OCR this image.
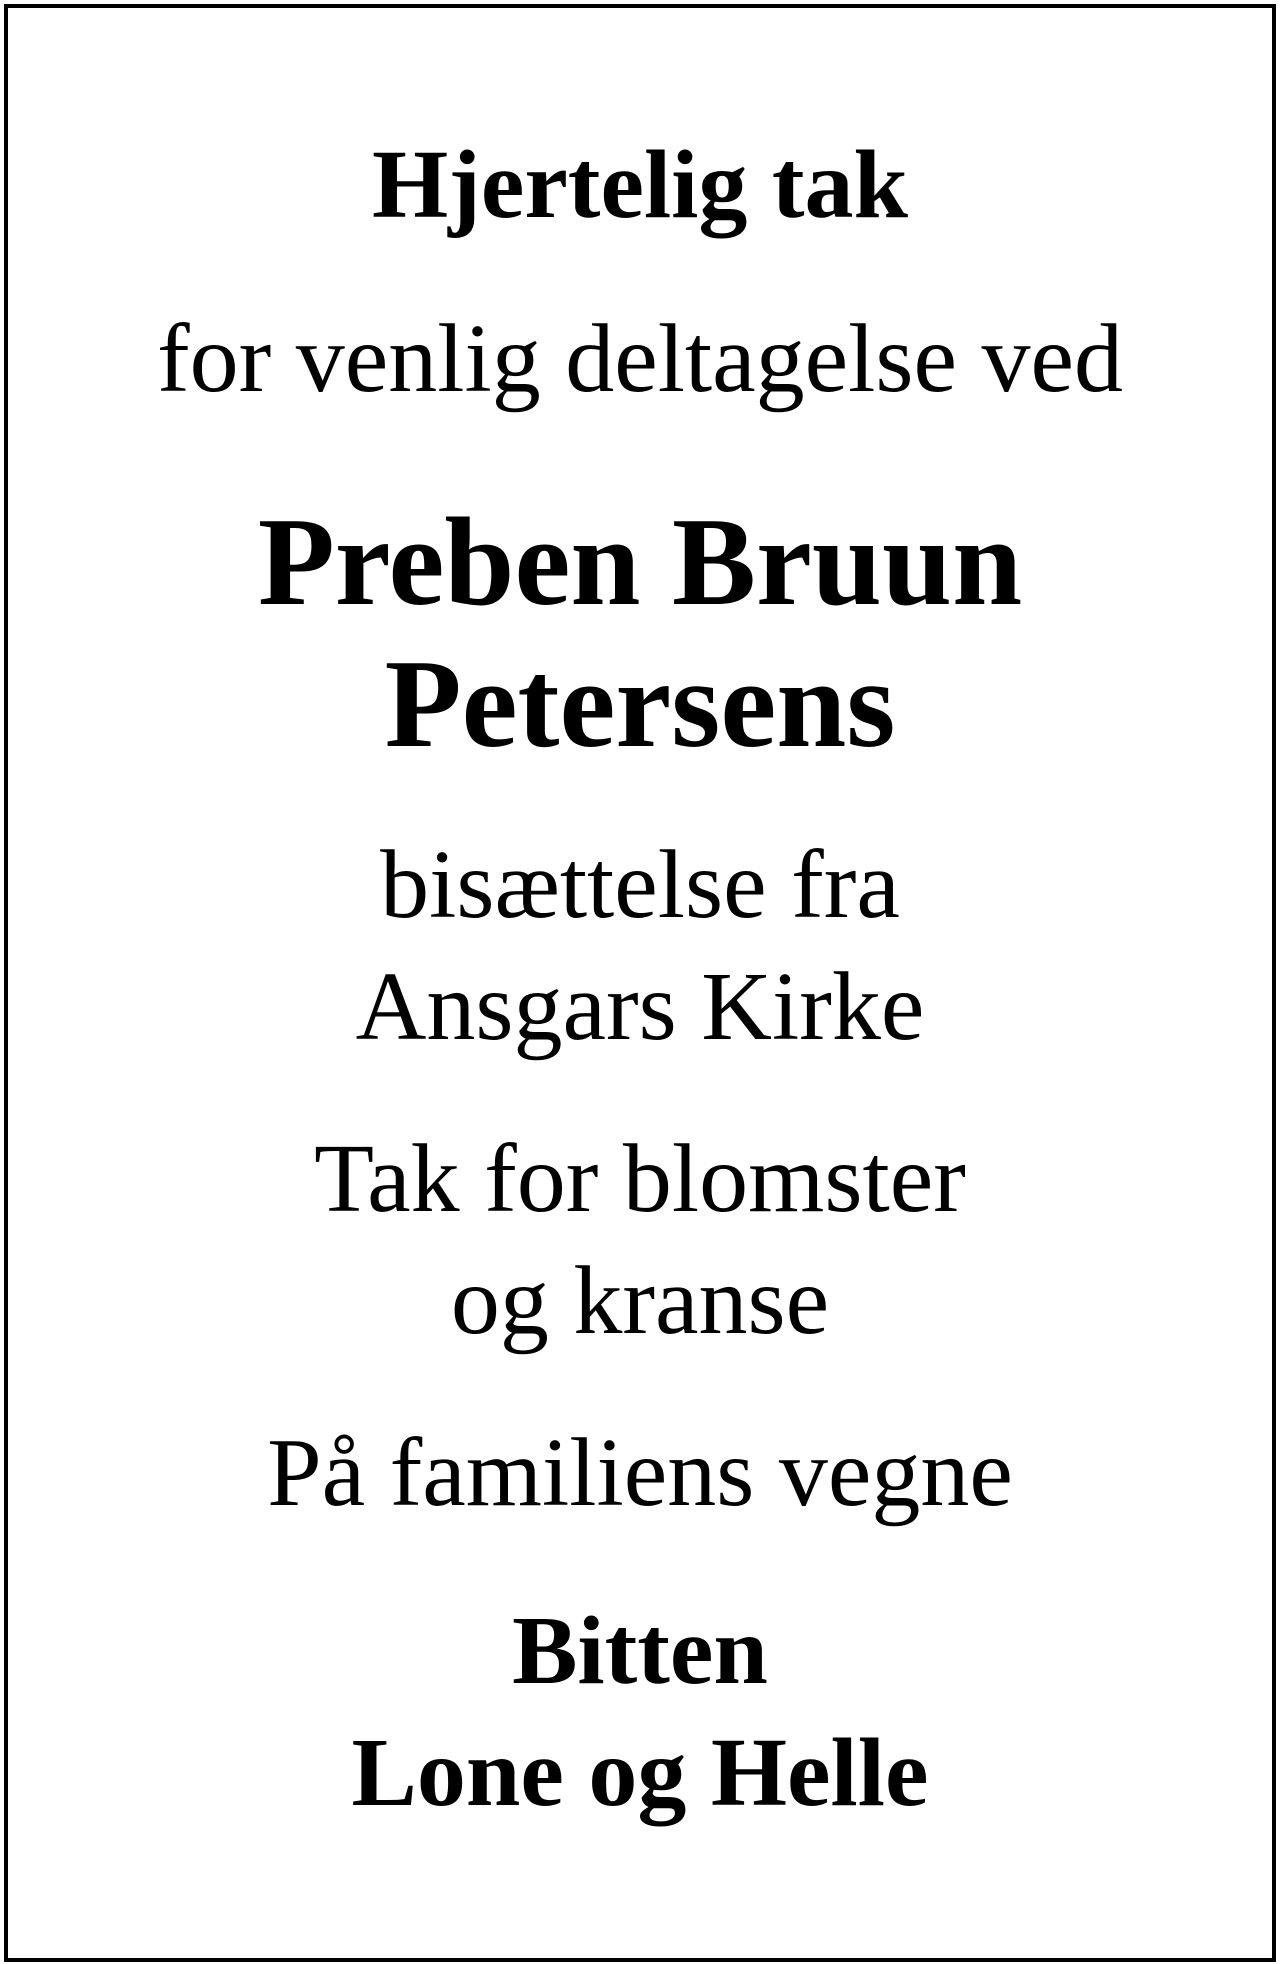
Hjertelig tak
for venlig deltagelse ved
Preben Bruun
Petersens
bisættelse fra
Ansgars Kirke
Tak for blomster
og kranse
På familiens vegne
Bitten
Lone og Helle
